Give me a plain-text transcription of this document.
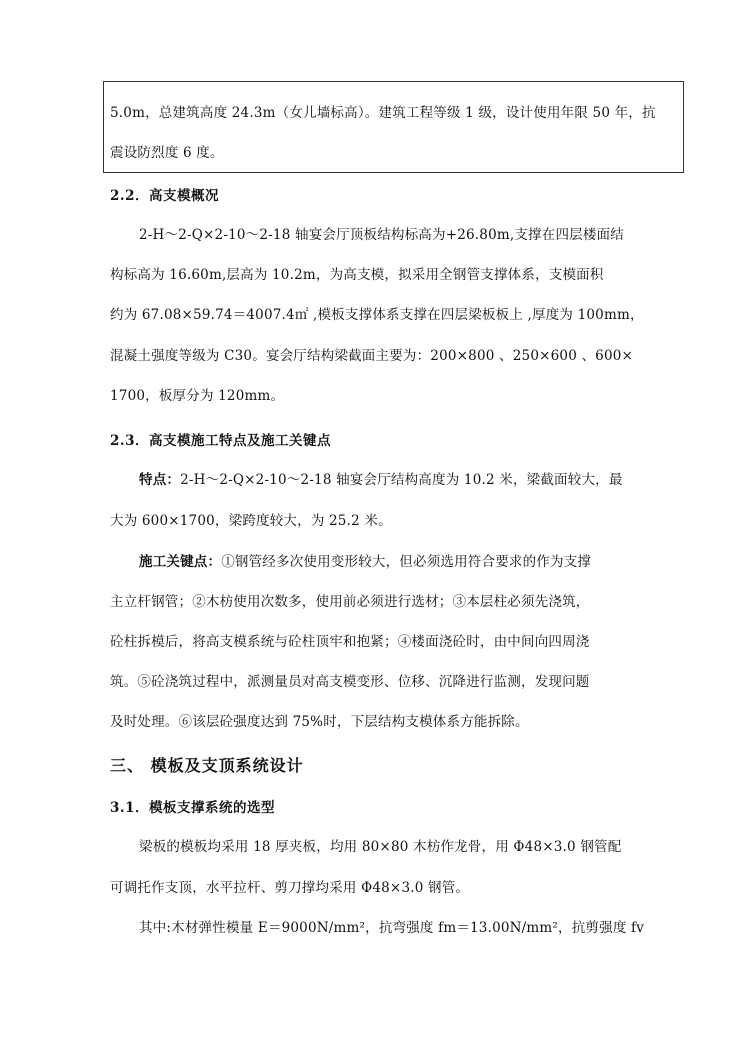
5.0m，总建筑高度 24.3m（女儿墙标高）。建筑工程等级 1 级，设计使用年限 50 年，抗
震设防烈度 6 度。
2.2．高支模概况
2-H～2-Q×2-10～2-18 轴宴会厅顶板结构标高为+26.80m,支撑在四层楼面结
构标高为 16.60m,层高为 10.2m，为高支模，拟采用全钢管支撑体系，支模面积
约为 67.08×59.74＝4007.4㎡ ,模板支撑体系支撑在四层梁板板上 ,厚度为 100mm，
混凝土强度等级为 C30。宴会厅结构梁截面主要为：200×800 、250×600 、600×
1700，板厚分为 120mm。
2.3．高支模施工特点及施工关键点
特点：2-H～2-Q×2-10～2-18 轴宴会厅结构高度为 10.2 米，梁截面较大，最
大为 600×1700，梁跨度较大，为 25.2 米。
施工关键点：①钢管经多次使用变形较大，但必须选用符合要求的作为支撑
主立杆钢管；②木枋使用次数多，使用前必须进行选材；③本层柱必须先浇筑，
砼柱拆模后，将高支模系统与砼柱顶牢和抱紧；④楼面浇砼时，由中间向四周浇
筑。⑤砼浇筑过程中，派测量员对高支模变形、位移、沉降进行监测，发现问题
及时处理。⑥该层砼强度达到 75%时，下层结构支模体系方能拆除。
三、 模板及支顶系统设计
3.1．模板支撑系统的选型
梁板的模板均采用 18 厚夹板，均用 80×80 木枋作龙骨，用 Φ48×3.0 钢管配
可调托作支顶，水平拉杆、剪刀撑均采用 Φ48×3.0 钢管。
其中:木材弹性模量 E＝9000N/mm²，抗弯强度 fm＝13.00N/mm²，抗剪强度 fv
